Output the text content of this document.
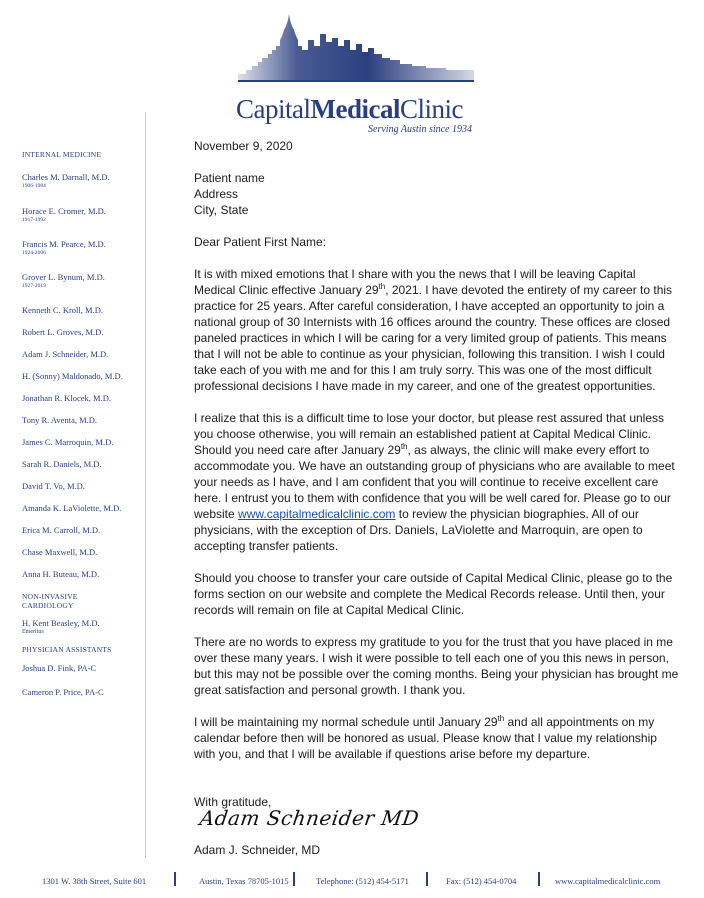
CapitalMedicalClinic
Serving Austin since 1934
INTERNAL MEDICINE
Charles M. Darnall, M.D.
1906-1984
Horace E. Cromer, M.D.
1917-1992
Francis M. Pearce, M.D.
1924-2006
Grover L. Bynum, M.D.
1927-2019
Kenneth C. Kroll, M.D.
Robert L. Groves, M.D.
Adam J. Schneider, M.D.
H. (Sonny) Maldonado, M.D.
Jonathan R. Klocek, M.D.
Tony R. Aventa, M.D.
James C. Marroquin, M.D.
Sarah R. Daniels, M.D.
David T. Vo, M.D.
Amanda K. LaViolette, M.D.
Erica M. Carroll, M.D.
Chase Maxwell, M.D.
Anna H. Buteau, M.D.
NON-INVASIVE
CARDIOLOGY
H. Kent Beasley, M.D.
Emeritus
PHYSICIAN ASSISTANTS
Joshua D. Fink, PA-C
Cameron P. Price, PA-C

November 9, 2020

Patient name

Address

City, State

Dear Patient First Name:

It is with mixed emotions that I share with you the news that I will be leaving Capital Medical Clinic effective January 29th, 2021. I have devoted the entirety of my career to this practice for 25 years. After careful consideration, I have accepted an opportunity to join a national group of 30 Internists with 16 offices around the country. These offices are closed paneled practices in which I will be caring for a very limited group of patients. This means that I will not be able to continue as your physician, following this transition. I wish I could take each of you with me and for this I am truly sorry. This was one of the most difficult professional decisions I have made in my career, and one of the greatest opportunities.

I realize that this is a difficult time to lose your doctor, but please rest assured that unless you choose otherwise, you will remain an established patient at Capital Medical Clinic. Should you need care after January 29th, as always, the clinic will make every effort to accommodate you. We have an outstanding group of physicians who are available to meet your needs as I have, and I am confident that you will continue to receive excellent care here. I entrust you to them with confidence that you will be well cared for. Please go to our website www.capitalmedicalclinic.com to review the physician biographies. All of our physicians, with the exception of Drs. Daniels, LaViolette and Marroquin, are open to accepting transfer patients.

Should you choose to transfer your care outside of Capital Medical Clinic, please go to the forms section on our website and complete the Medical Records release. Until then, your records will remain on file at Capital Medical Clinic.

There are no words to express my gratitude to you for the trust that you have placed in me over these many years. I wish it were possible to tell each one of you this news in person, but this may not be possible over the coming months. Being your physician has brought me great satisfaction and personal growth. I thank you.

I will be maintaining my normal schedule until January 29th and all appointments on my calendar before then will be honored as usual. Please know that I value my relationship with you, and that I will be available if questions arise before my departure.

With gratitude,

Adam Schneider MD
Adam J. Schneider, MD
1301 W. 38th Street, Suite 601	Austin, Texas 78705-1015	Telephone: (512) 454-5171	Fax: (512) 454-0704	www.capitalmedicalclinic.com
